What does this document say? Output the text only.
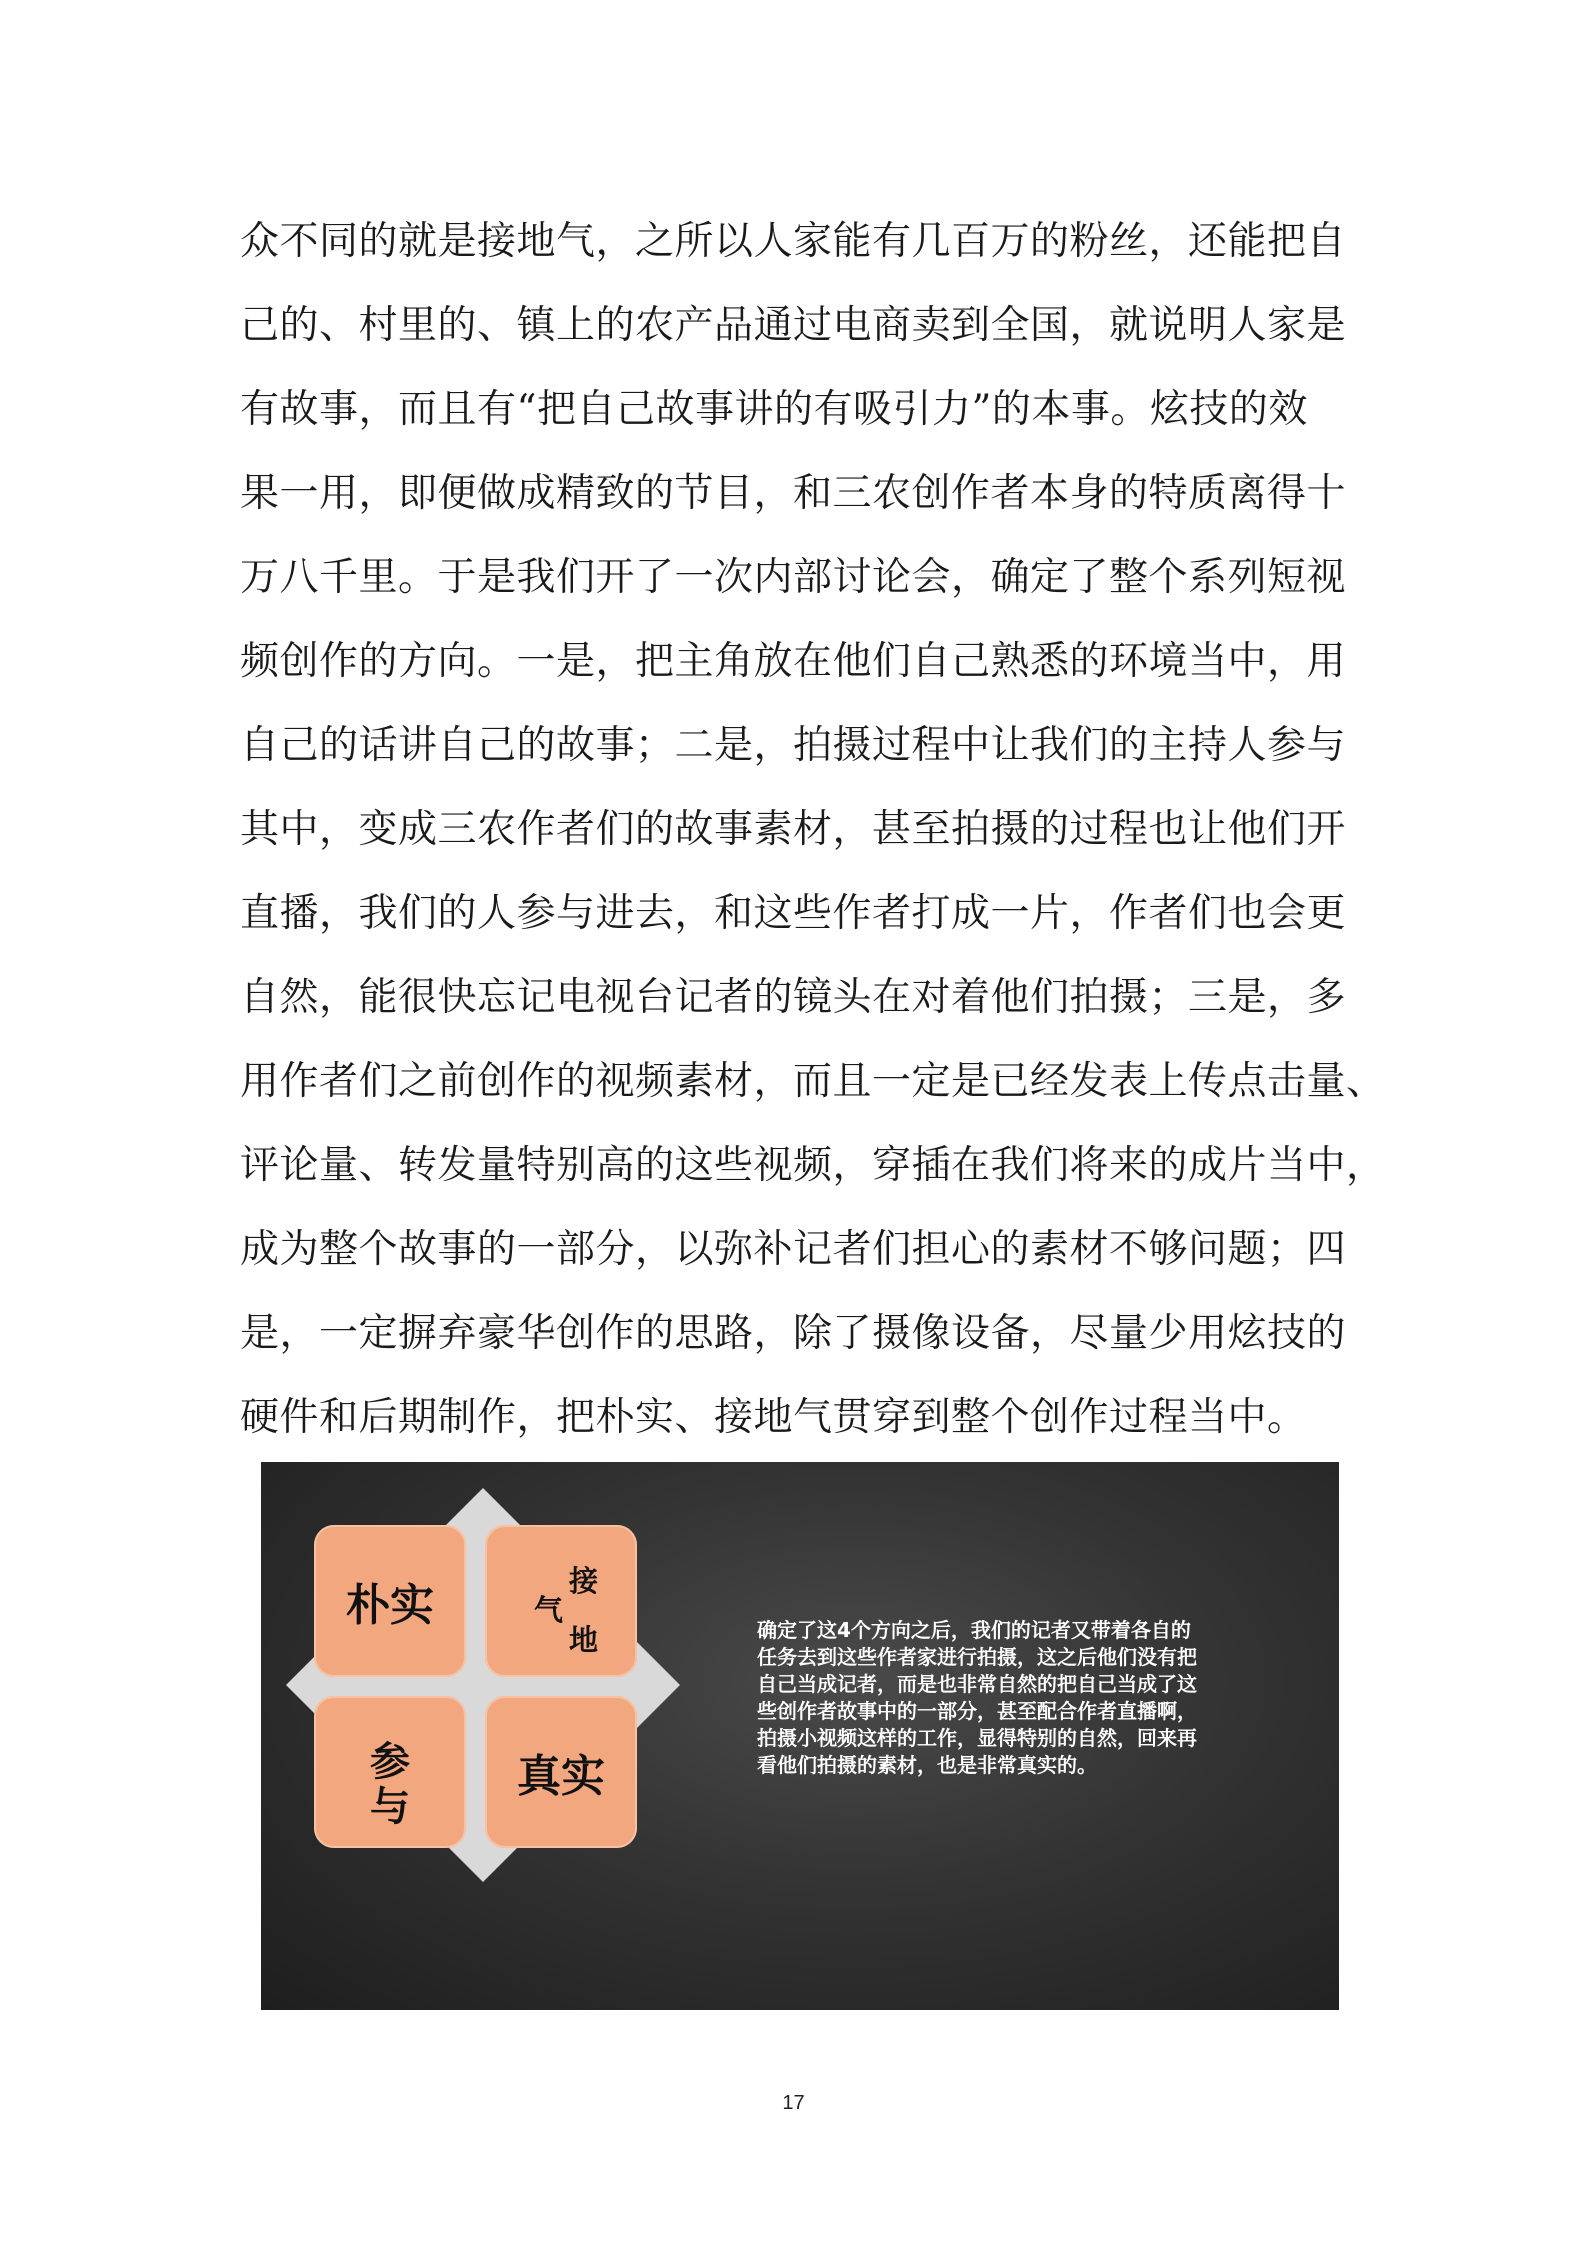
众不同的就是接地气，之所以人家能有几百万的粉丝，还能把自
己的、村里的、镇上的农产品通过电商卖到全国，就说明人家是
有故事，而且有“把自己故事讲的有吸引力”的本事。炫技的效
果一用，即便做成精致的节目，和三农创作者本身的特质离得十
万八千里。于是我们开了一次内部讨论会，确定了整个系列短视
频创作的方向。一是，把主角放在他们自己熟悉的环境当中，用
自己的话讲自己的故事；二是，拍摄过程中让我们的主持人参与
其中，变成三农作者们的故事素材，甚至拍摄的过程也让他们开
直播，我们的人参与进去，和这些作者打成一片，作者们也会更
自然，能很快忘记电视台记者的镜头在对着他们拍摄；三是，多
用作者们之前创作的视频素材，而且一定是已经发表上传点击量、
评论量、转发量特别高的这些视频，穿插在我们将来的成片当中，
成为整个故事的一部分，以弥补记者们担心的素材不够问题；四
是，一定摒弃豪华创作的思路，除了摄像设备，尽量少用炫技的
硬件和后期制作，把朴实、接地气贯穿到整个创作过程当中。
朴实	接
气
地
参
与
真实
确定了这4个方向之后，我们的记者又带着各自的
任务去到这些作者家进行拍摄，这之后他们没有把
自己当成记者，而是也非常自然的把自己当成了这
些创作者故事中的一部分，甚至配合作者直播啊，
拍摄小视频这样的工作，显得特别的自然，回来再
看他们拍摄的素材，也是非常真实的。
17
